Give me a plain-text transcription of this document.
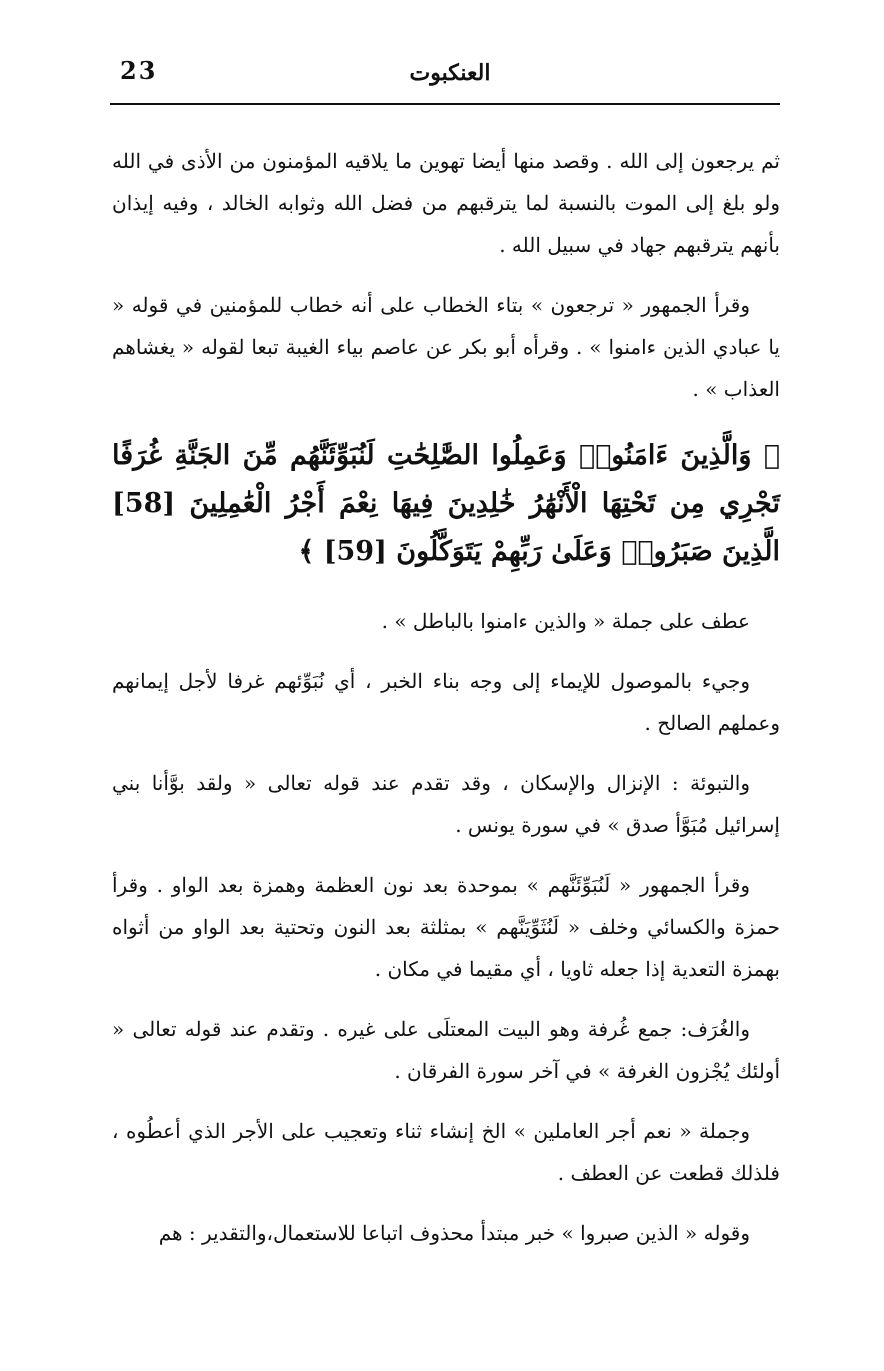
23	العنكبوت

ثم يرجعون إلى الله . وقصد منها أيضا تهوين ما يلاقيه المؤمنون من الأذى في الله ولو بلغ إلى الموت بالنسبة لما يترقبهم من فضل الله وثوابه الخالد ، وفيه إيذان بأنهم يترقبهم جهاد في سبيل الله .

وقرأ الجمهور « ترجعون » بتاء الخطاب على أنه خطاب للمؤمنين في قوله « يا عبادي الذين ءامنوا » . وقرأه أبو بكر عن عاصم بياء الغيبة تبعا لقوله « يغشاهم العذاب » .

﴿ وَالَّذِينَ ءَامَنُوا۟ وَعَمِلُوا الصَّٰلِحَٰتِ لَنُبَوِّئَنَّهُم مِّنَ الجَنَّةِ غُرَفًا تَجْرِي مِن تَحْتِهَا الْأَنْهَٰرُ خَٰلِدِينَ فِيهَا نِعْمَ أَجْرُ الْعَٰمِلِينَ [58] الَّذِينَ صَبَرُوا۟ وَعَلَىٰ رَبِّهِمْ يَتَوَكَّلُونَ [59] ﴾

عطف على جملة « والذين ءامنوا بالباطل » .

وجيء بالموصول للإيماء إلى وجه بناء الخبر ، أي نُبَوِّئهم غرفا لأجل إيمانهم وعملهم الصالح .

والتبوئة : الإنزال والإسكان ، وقد تقدم عند قوله تعالى « ولقد بوَّأنا بني إسرائيل مُبَوَّأ صدق » في سورة يونس .

وقرأ الجمهور « لَنُبَوِّئَنَّهم » بموحدة بعد نون العظمة وهمزة بعد الواو . وقرأ حمزة والكسائي وخلف « لَنُثَوِّيَنَّهم » بمثلثة بعد النون وتحتية بعد الواو من أثواه بهمزة التعدية إذا جعله ثاويا ، أي مقيما في مكان .

والغُرَف: جمع غُرفة وهو البيت المعتلَى على غيره . وتقدم عند قوله تعالى « أولئك يُجْزون الغرفة » في آخر سورة الفرقان .

وجملة « نعم أجر العاملين » الخ إنشاء ثناء وتعجيب على الأجر الذي أعطُوه ، فلذلك قطعت عن العطف .

وقوله « الذين صبروا » خبر مبتدأ محذوف اتباعا للاستعمال،والتقدير : هم
